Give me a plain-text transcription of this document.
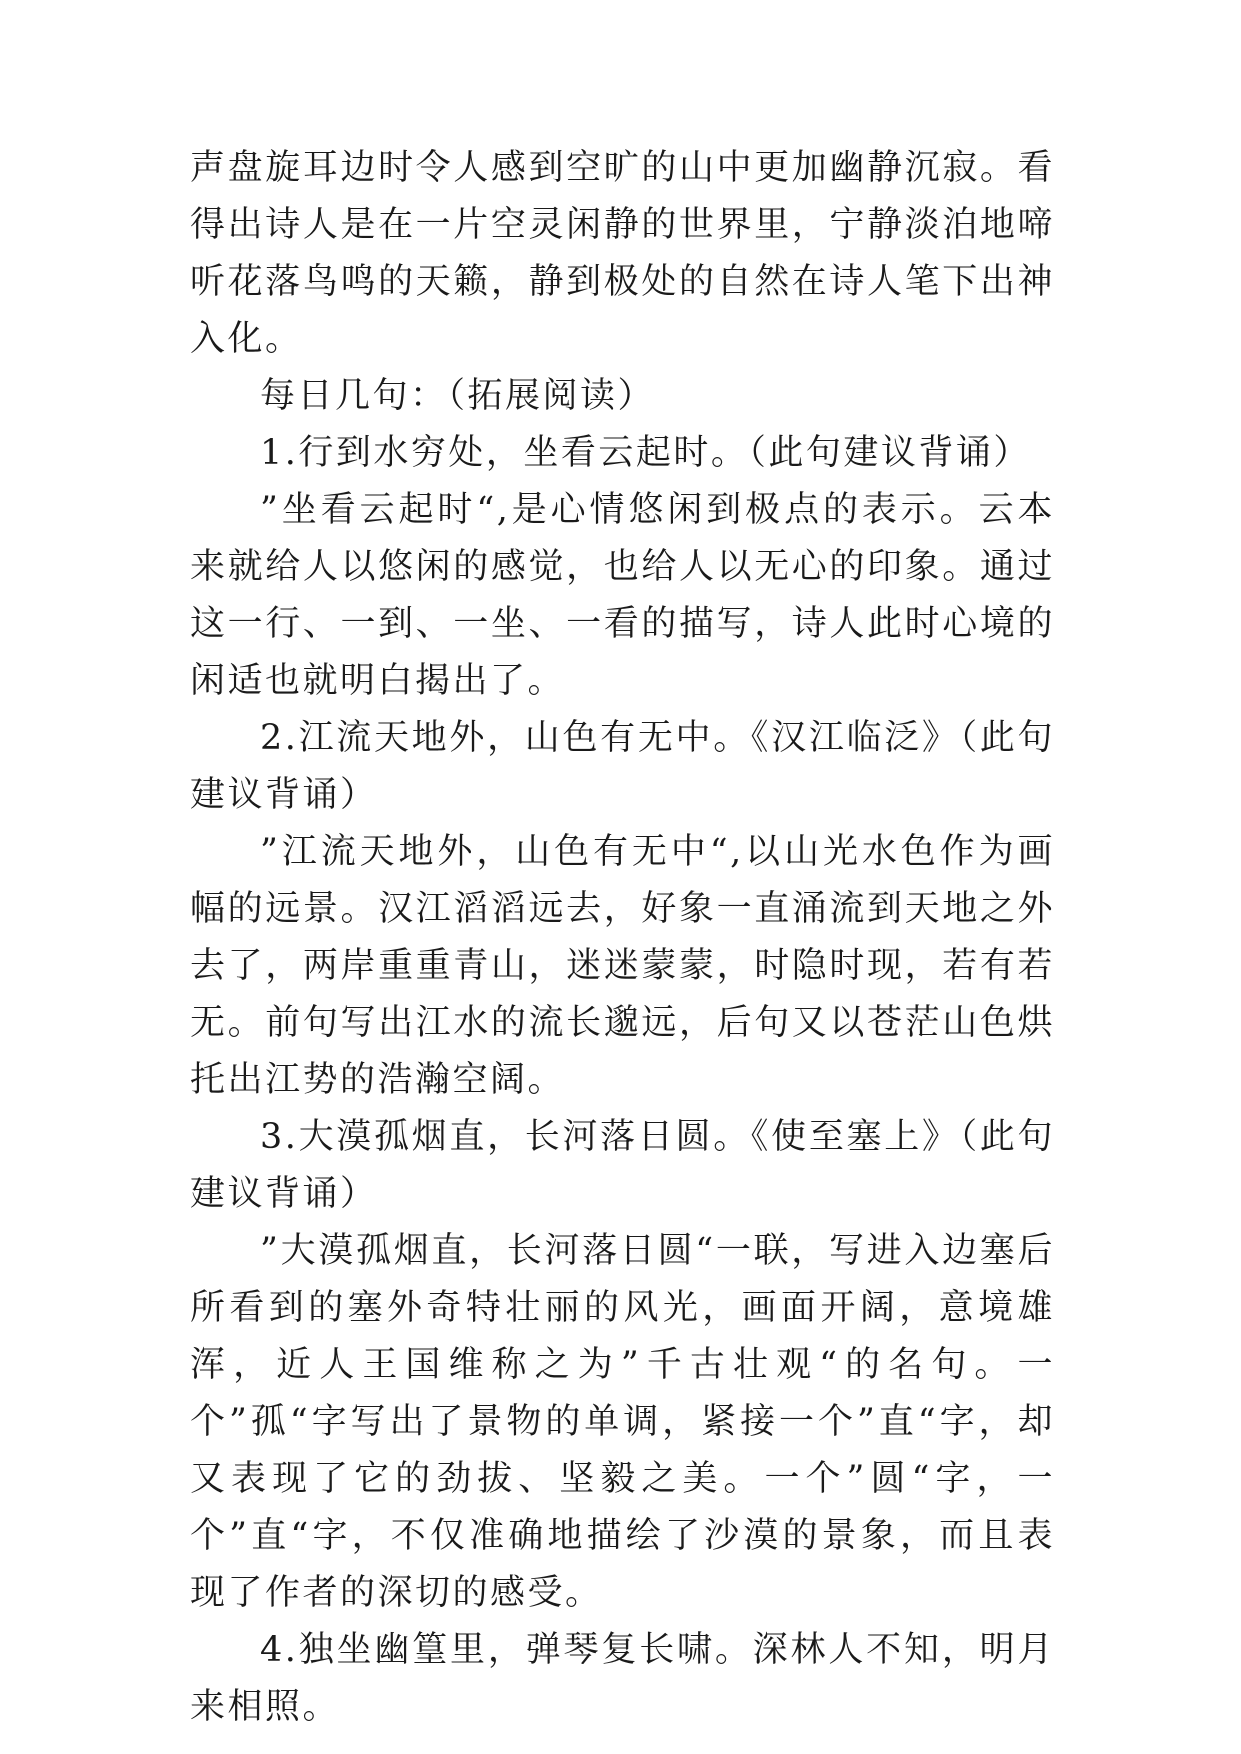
声盘旋耳边时令人感到空旷的山中更加幽静沉寂。看得出诗人是在一片空灵闲静的世界里，宁静淡泊地啼听花落鸟鸣的天籁，静到极处的自然在诗人笔下出神入化。

每日几句：（拓展阅读）

1.行到水穷处，坐看云起时。（此句建议背诵）

”坐看云起时“,是心情悠闲到极点的表示。云本来就给人以悠闲的感觉，也给人以无心的印象。通过这一行、一到、一坐、一看的描写，诗人此时心境的闲适也就明白揭出了。

2.江流天地外，山色有无中。《汉江临泛》（此句建议背诵）

”江流天地外，山色有无中“,以山光水色作为画幅的远景。汉江滔滔远去，好象一直涌流到天地之外去了，两岸重重青山，迷迷蒙蒙，时隐时现，若有若无。前句写出江水的流长邈远，后句又以苍茫山色烘托出江势的浩瀚空阔。

3.大漠孤烟直，长河落日圆。《使至塞上》（此句建议背诵）

”大漠孤烟直，长河落日圆“一联，写进入边塞后所看到的塞外奇特壮丽的风光，画面开阔，意境雄浑，近人王国维称之为”千古壮观“的名句。一个”孤“字写出了景物的单调，紧接一个”直“字，却又表现了它的劲拔、坚毅之美。一个”圆“字，一个”直“字，不仅准确地描绘了沙漠的景象，而且表现了作者的深切的感受。

4.独坐幽篁里，弹琴复长啸。深林人不知，明月来相照。
